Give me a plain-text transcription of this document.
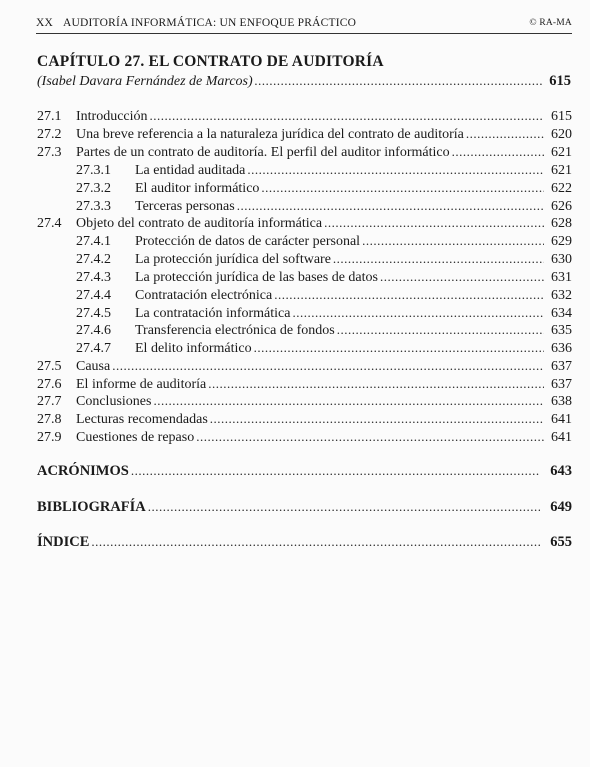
XX AUDITORÍA INFORMÁTICA: UN ENFOQUE PRÁCTICO	© RA-MA
CAPÍTULO 27. EL CONTRATO DE AUDITORÍA
(Isabel Davara Fernández de Marcos) .....	615
27.1	Introducción .....	615
27.2	Una breve referencia a la naturaleza jurídica del contrato de auditoría .....	620
27.3	Partes de un contrato de auditoría. El perfil del auditor informático .....	621
27.3.1	La entidad auditada .....	621
27.3.2	El auditor informático .....	622
27.3.3	Terceras personas .....	626
27.4	Objeto del contrato de auditoría informática .....	628
27.4.1	Protección de datos de carácter personal .....	629
27.4.2	La protección jurídica del software .....	630
27.4.3	La protección jurídica de las bases de datos .....	631
27.4.4	Contratación electrónica .....	632
27.4.5	La contratación informática .....	634
27.4.6	Transferencia electrónica de fondos .....	635
27.4.7	El delito informático .....	636
27.5	Causa .....	637
27.6	El informe de auditoría .....	637
27.7	Conclusiones .....	638
27.8	Lecturas recomendadas .....	641
27.9	Cuestiones de repaso .....	641
ACRÓNIMOS .....	643
BIBLIOGRAFÍA .....	649
ÍNDICE .....	655
